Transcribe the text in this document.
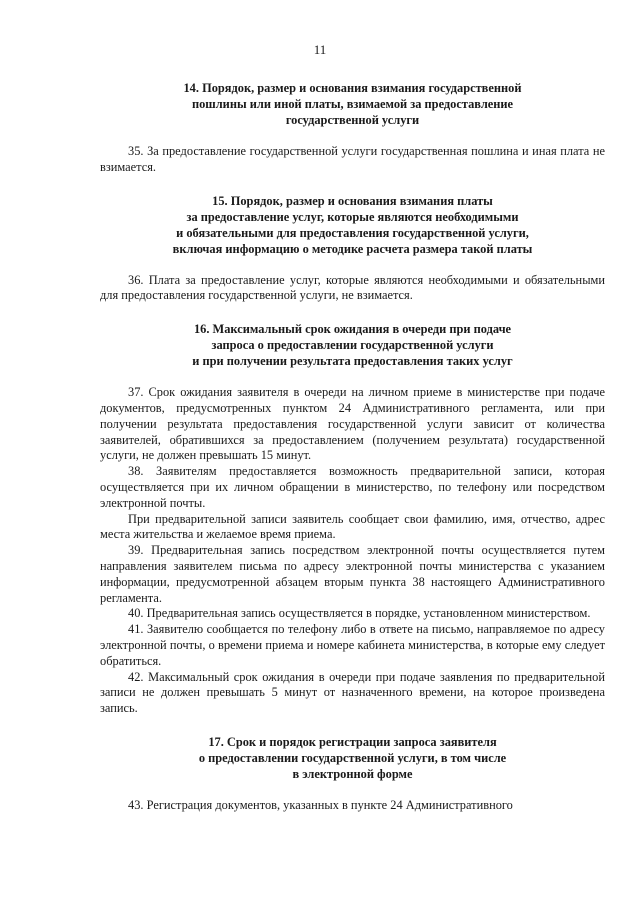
11
14. Порядок, размер и основания взимания государственной
пошлины или иной платы, взимаемой за предоставление
государственной услуги

35. За предоставление государственной услуги государственная пошлина и иная плата не взимается.

15. Порядок, размер и основания взимания платы
за предоставление услуг, которые являются необходимыми
и обязательными для предоставления государственной услуги,
включая информацию о методике расчета размера такой платы

36. Плата за предоставление услуг, которые являются необходимыми и обязательными для предоставления государственной услуги, не взимается.

16. Максимальный срок ожидания в очереди при подаче
запроса о предоставлении государственной услуги
и при получении результата предоставления таких услуг

37. Срок ожидания заявителя в очереди на личном приеме в министерстве при подаче документов, предусмотренных пунктом 24 Административного регламента, или при получении результата предоставления государственной услуги зависит от количества заявителей, обратившихся за предоставлением (получением результата) государственной услуги, не должен превышать 15 минут.

38. Заявителям предоставляется возможность предварительной записи, которая осуществляется при их личном обращении в министерство, по телефону или посредством электронной почты.

При предварительной записи заявитель сообщает свои фамилию, имя, отчество, адрес места жительства и желаемое время приема.

39. Предварительная запись посредством электронной почты осуществляется путем направления заявителем письма по адресу электронной почты министерства с указанием информации, предусмотренной абзацем вторым пункта 38 настоящего Административного регламента.

40. Предварительная запись осуществляется в порядке, установленном министерством.

41. Заявителю сообщается по телефону либо в ответе на письмо, направляемое по адресу электронной почты, о времени приема и номере кабинета министерства, в которые ему следует обратиться.

42. Максимальный срок ожидания в очереди при подаче заявления по предварительной записи не должен превышать 5 минут от назначенного времени, на которое произведена запись.

17. Срок и порядок регистрации запроса заявителя
о предоставлении государственной услуги, в том числе
в электронной форме

43. Регистрация документов, указанных в пункте 24 Административного
